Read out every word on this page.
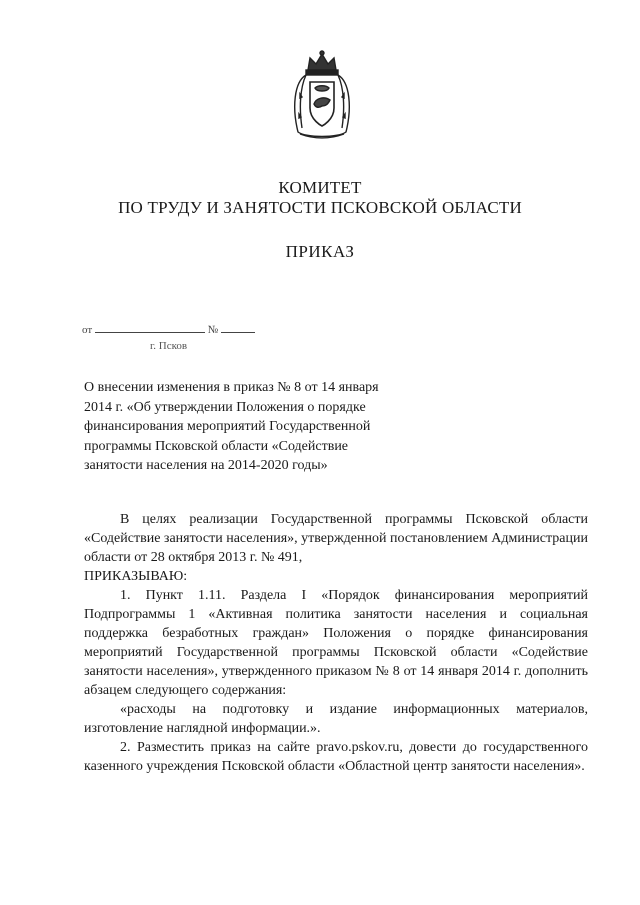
КОМИТЕТ
ПО ТРУДУ И ЗАНЯТОСТИ ПСКОВСКОЙ ОБЛАСТИ
ПРИКАЗ
от	№
г. Псков
О внесении изменения в приказ № 8 от 14 января
2014 г. «Об утверждении Положения о порядке
финансирования мероприятий Государственной
программы Псковской области «Содействие
занятости населения на 2014-2020 годы»

В целях реализации Государственной программы Псковской области «Содействие занятости населения», утвержденной постановлением Администрации области от 28 октября 2013 г. № 491,

ПРИКАЗЫВАЮ:

1. Пункт 1.11. Раздела I «Порядок финансирования мероприятий Подпрограммы 1 «Активная политика занятости населения и социальная поддержка безработных граждан» Положения о порядке финансирования мероприятий Государственной программы Псковской области «Содействие занятости населения», утвержденного приказом № 8 от 14 января 2014 г. дополнить абзацем следующего содержания:

«расходы на подготовку и издание информационных материалов, изготовление наглядной информации.».

2. Разместить приказ на сайте pravo.pskov.ru, довести до государственного казенного учреждения Псковской области «Областной центр занятости населения».
